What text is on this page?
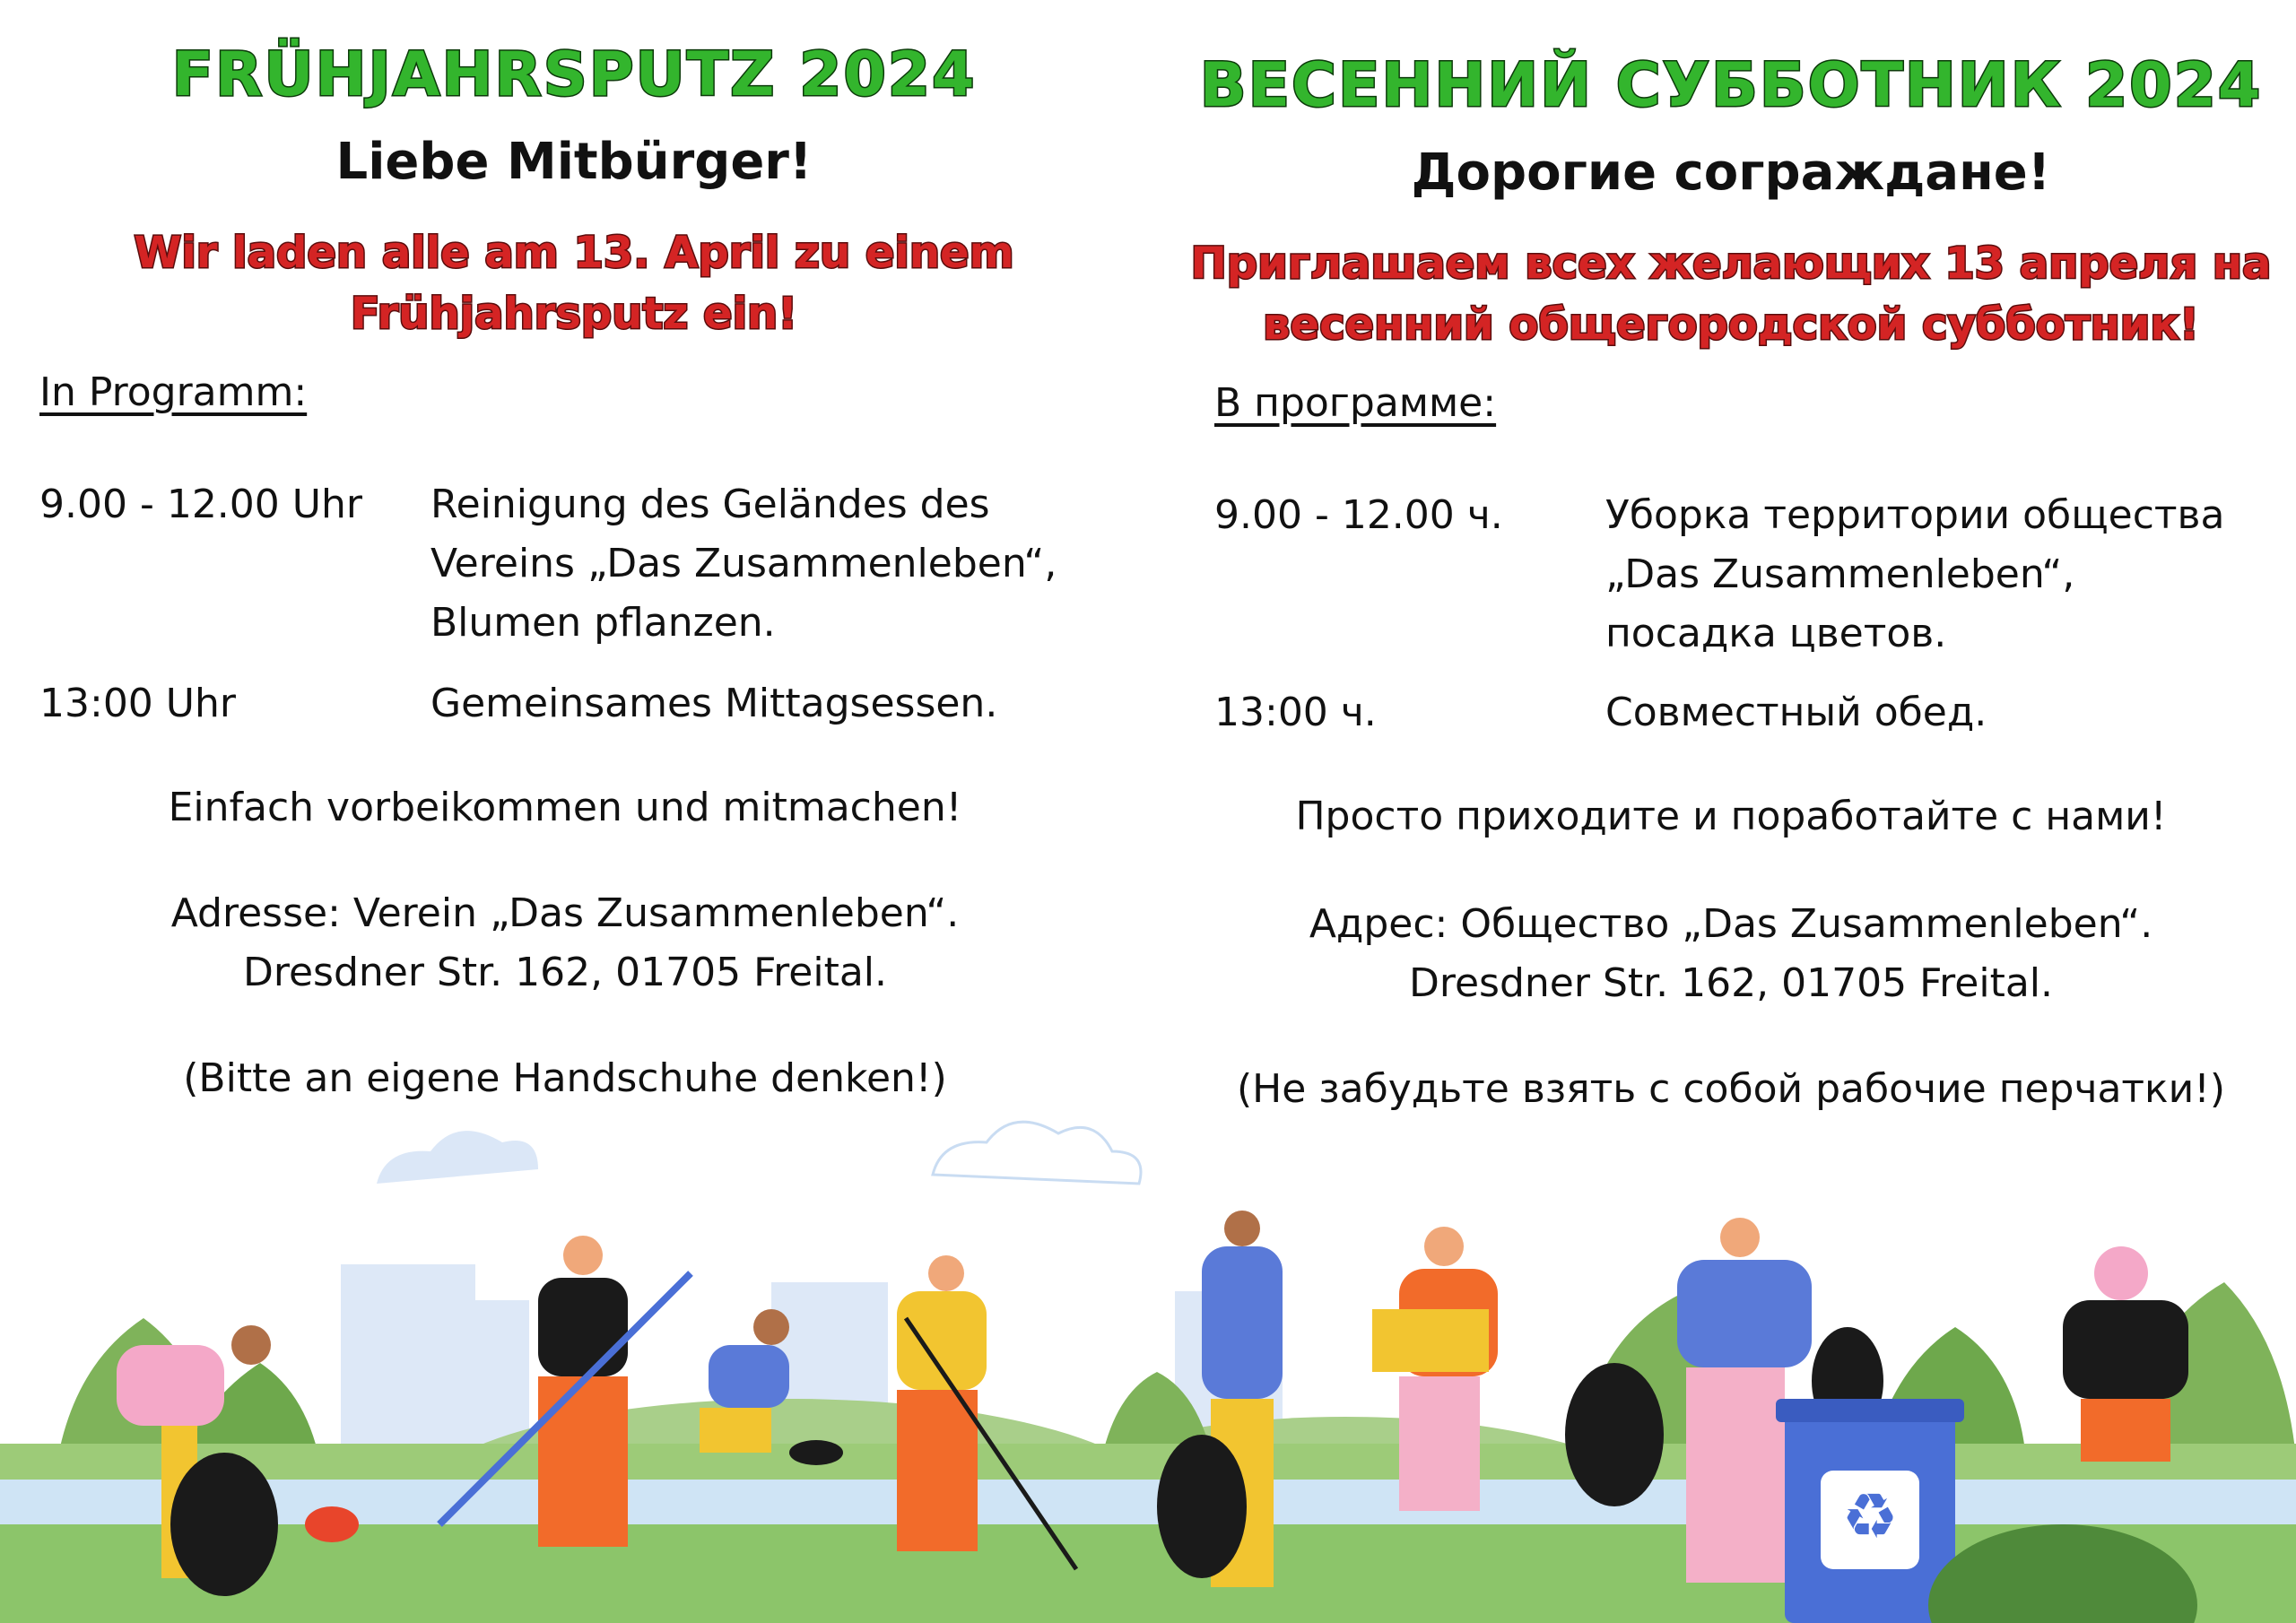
FRÜHJAHRSPUTZ 2024
Liebe Mitbürger!
Wir laden alle am 13. April zu einem
Frühjahrsputz ein!
In Programm:
9.00 - 12.00 Uhr Reinigung des Geländes des
Vereins „Das Zusammenleben“,
Blumen pflanzen.
13:00 Uhr	Gemeinsames Mittagsessen.
Einfach vorbeikommen und mitmachen!
Adresse: Verein „Das Zusammenleben“.
Dresdner Str. 162, 01705 Freital.
(Bitte an eigene Handschuhe denken!)
ВЕСЕННИЙ СУББОТНИК 2024
Дорогие сограждане!
Приглашаем всех желающих 13 апреля на
весенний общегородской субботник!
В программе:
9.00 - 12.00 ч.	Уборка территории общества
„Das Zusammenleben“,
посадка цветов.
13:00 ч.	Совместный обед.
Просто приходите и поработайте с нами!
Адрес: Общество „Das Zusammenleben“.
Dresdner Str. 162, 01705 Freital.
(Не забудьте взять с собой рабочие перчатки!)
♻
